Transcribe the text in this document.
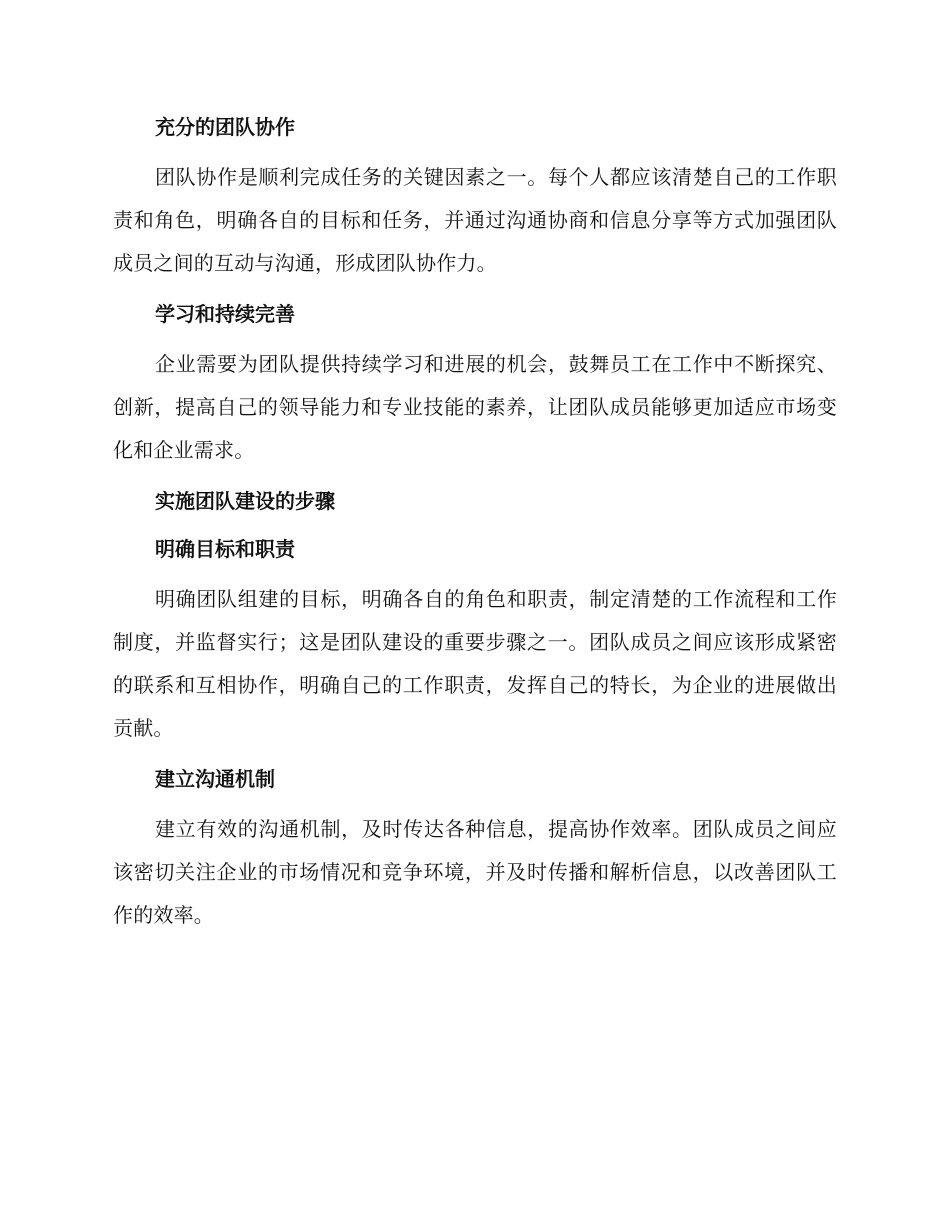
充分的团队协作
团队协作是顺利完成任务的关键因素之一。每个人都应该清楚自己的工作职责和角色，明确各自的目标和任务，并通过沟通协商和信息分享等方式加强团队成员之间的互动与沟通，形成团队协作力。
学习和持续完善
企业需要为团队提供持续学习和进展的机会，鼓舞员工在工作中不断探究、创新，提高自己的领导能力和专业技能的素养，让团队成员能够更加适应市场变化和企业需求。
实施团队建设的步骤
明确目标和职责
明确团队组建的目标，明确各自的角色和职责，制定清楚的工作流程和工作制度，并监督实行；这是团队建设的重要步骤之一。团队成员之间应该形成紧密的联系和互相协作，明确自己的工作职责，发挥自己的特长，为企业的进展做出贡献。
建立沟通机制
建立有效的沟通机制，及时传达各种信息，提高协作效率。团队成员之间应该密切关注企业的市场情况和竞争环境，并及时传播和解析信息，以改善团队工作的效率。
